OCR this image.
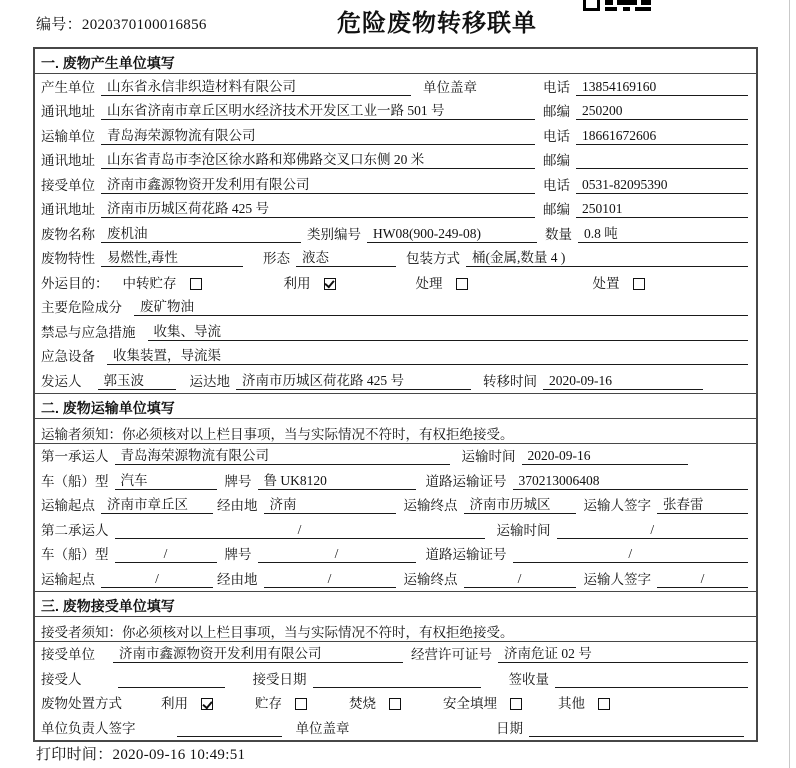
编号：2020370100016856	危险废物转移联单
一. 废物产生单位填写
产生单位 山东省永信非织造材料有限公司	单位盖章	电话 13854169160
通讯地址 山东省济南市章丘区明水经济技术开发区工业一路 501 号	邮编 250200
运输单位 青岛海荣源物流有限公司	电话 18661672606
通讯地址 山东省青岛市李沧区徐水路和郑佛路交叉口东侧 20 米	邮编
接受单位 济南市鑫源物资开发利用有限公司	电话 0531-82095390
通讯地址 济南市历城区荷花路 425 号	邮编 250101
废物名称 废机油	类别编号 HW08(900-249-08)	数量 0.8 吨
废物特性 易燃性,毒性	形态 液态	包装方式 桶(金属,数量 4 )
外运目的： 中转贮存	利用	处理	处置
主要危险成分	废矿物油
禁忌与应急措施	收集、导流
应急设备	收集装置，导流渠
发运人	郭玉波	运达地 济南市历城区荷花路 425 号	转移时间 2020-09-16
二. 废物运输单位填写
运输者须知：你必须核对以上栏目事项，当与实际情况不符时，有权拒绝接受。
第一承运人 青岛海荣源物流有限公司	运输时间 2020-09-16
车（船）型 汽车	牌号 鲁 UK8120	道路运输证号 370213006408
运输起点 济南市章丘区	经由地 济南	运输终点 济南市历城区	运输人签字 张春雷
第二承运人	/	运输时间	/
车（船）型	/	牌号	/	道路运输证号	/
运输起点	/	经由地	/	运输终点	/	运输人签字	/
三. 废物接受单位填写
接受者须知：你必须核对以上栏目事项，当与实际情况不符时，有权拒绝接受。
接受单位	济南市鑫源物资开发利用有限公司	经营许可证号 济南危证 02 号
接受人	接受日期	签收量
废物处置方式	利用	贮存	焚烧	安全填埋	其他
单位负责人签字	单位盖章	日期
打印时间：2020-09-16 10:49:51
